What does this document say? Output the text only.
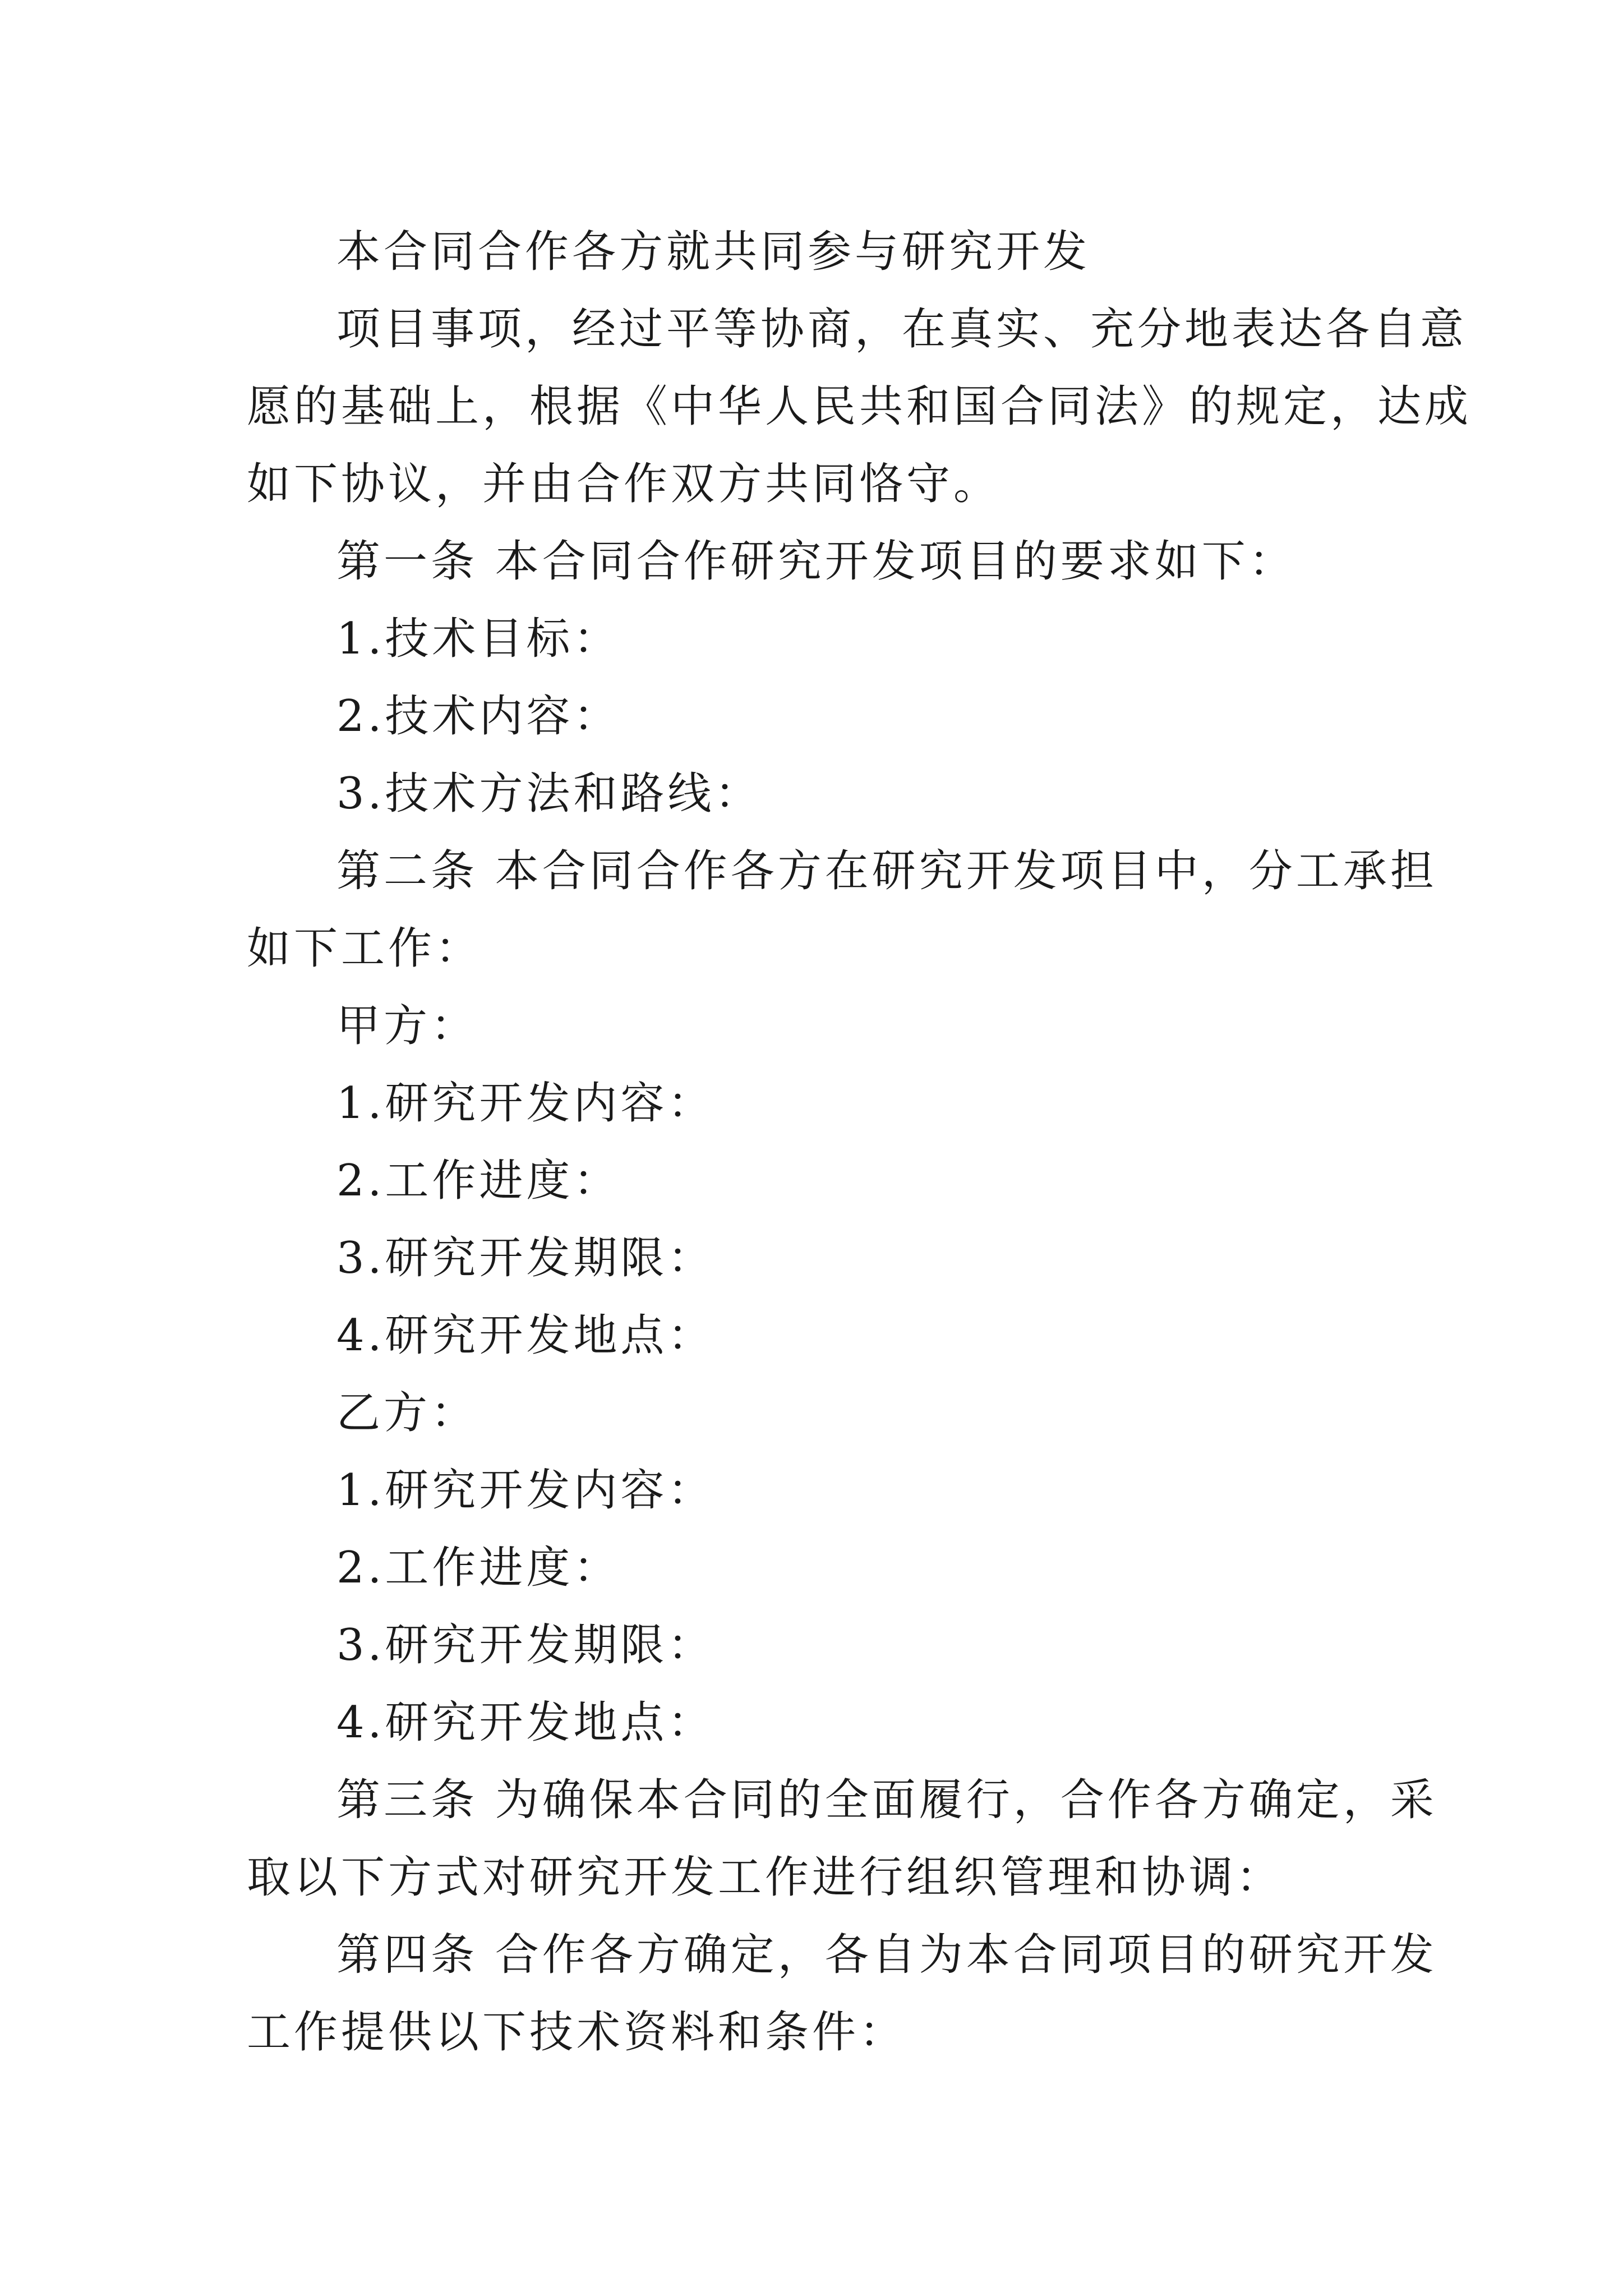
本合同合作各方就共同参与研究开发
项目事项，经过平等协商，在真实、充分地表达各自意
愿的基础上，根据《中华人民共和国合同法》的规定，达成
如下协议，并由合作双方共同恪守。
第一条 本合同合作研究开发项目的要求如下：
1.技术目标：
2.技术内容：
3.技术方法和路线：
第二条 本合同合作各方在研究开发项目中，分工承担
如下工作：
甲方：
1.研究开发内容：
2.工作进度：
3.研究开发期限：
4.研究开发地点：
乙方：
1.研究开发内容：
2.工作进度：
3.研究开发期限：
4.研究开发地点：
第三条 为确保本合同的全面履行，合作各方确定，采
取以下方式对研究开发工作进行组织管理和协调：
第四条 合作各方确定，各自为本合同项目的研究开发
工作提供以下技术资料和条件：
